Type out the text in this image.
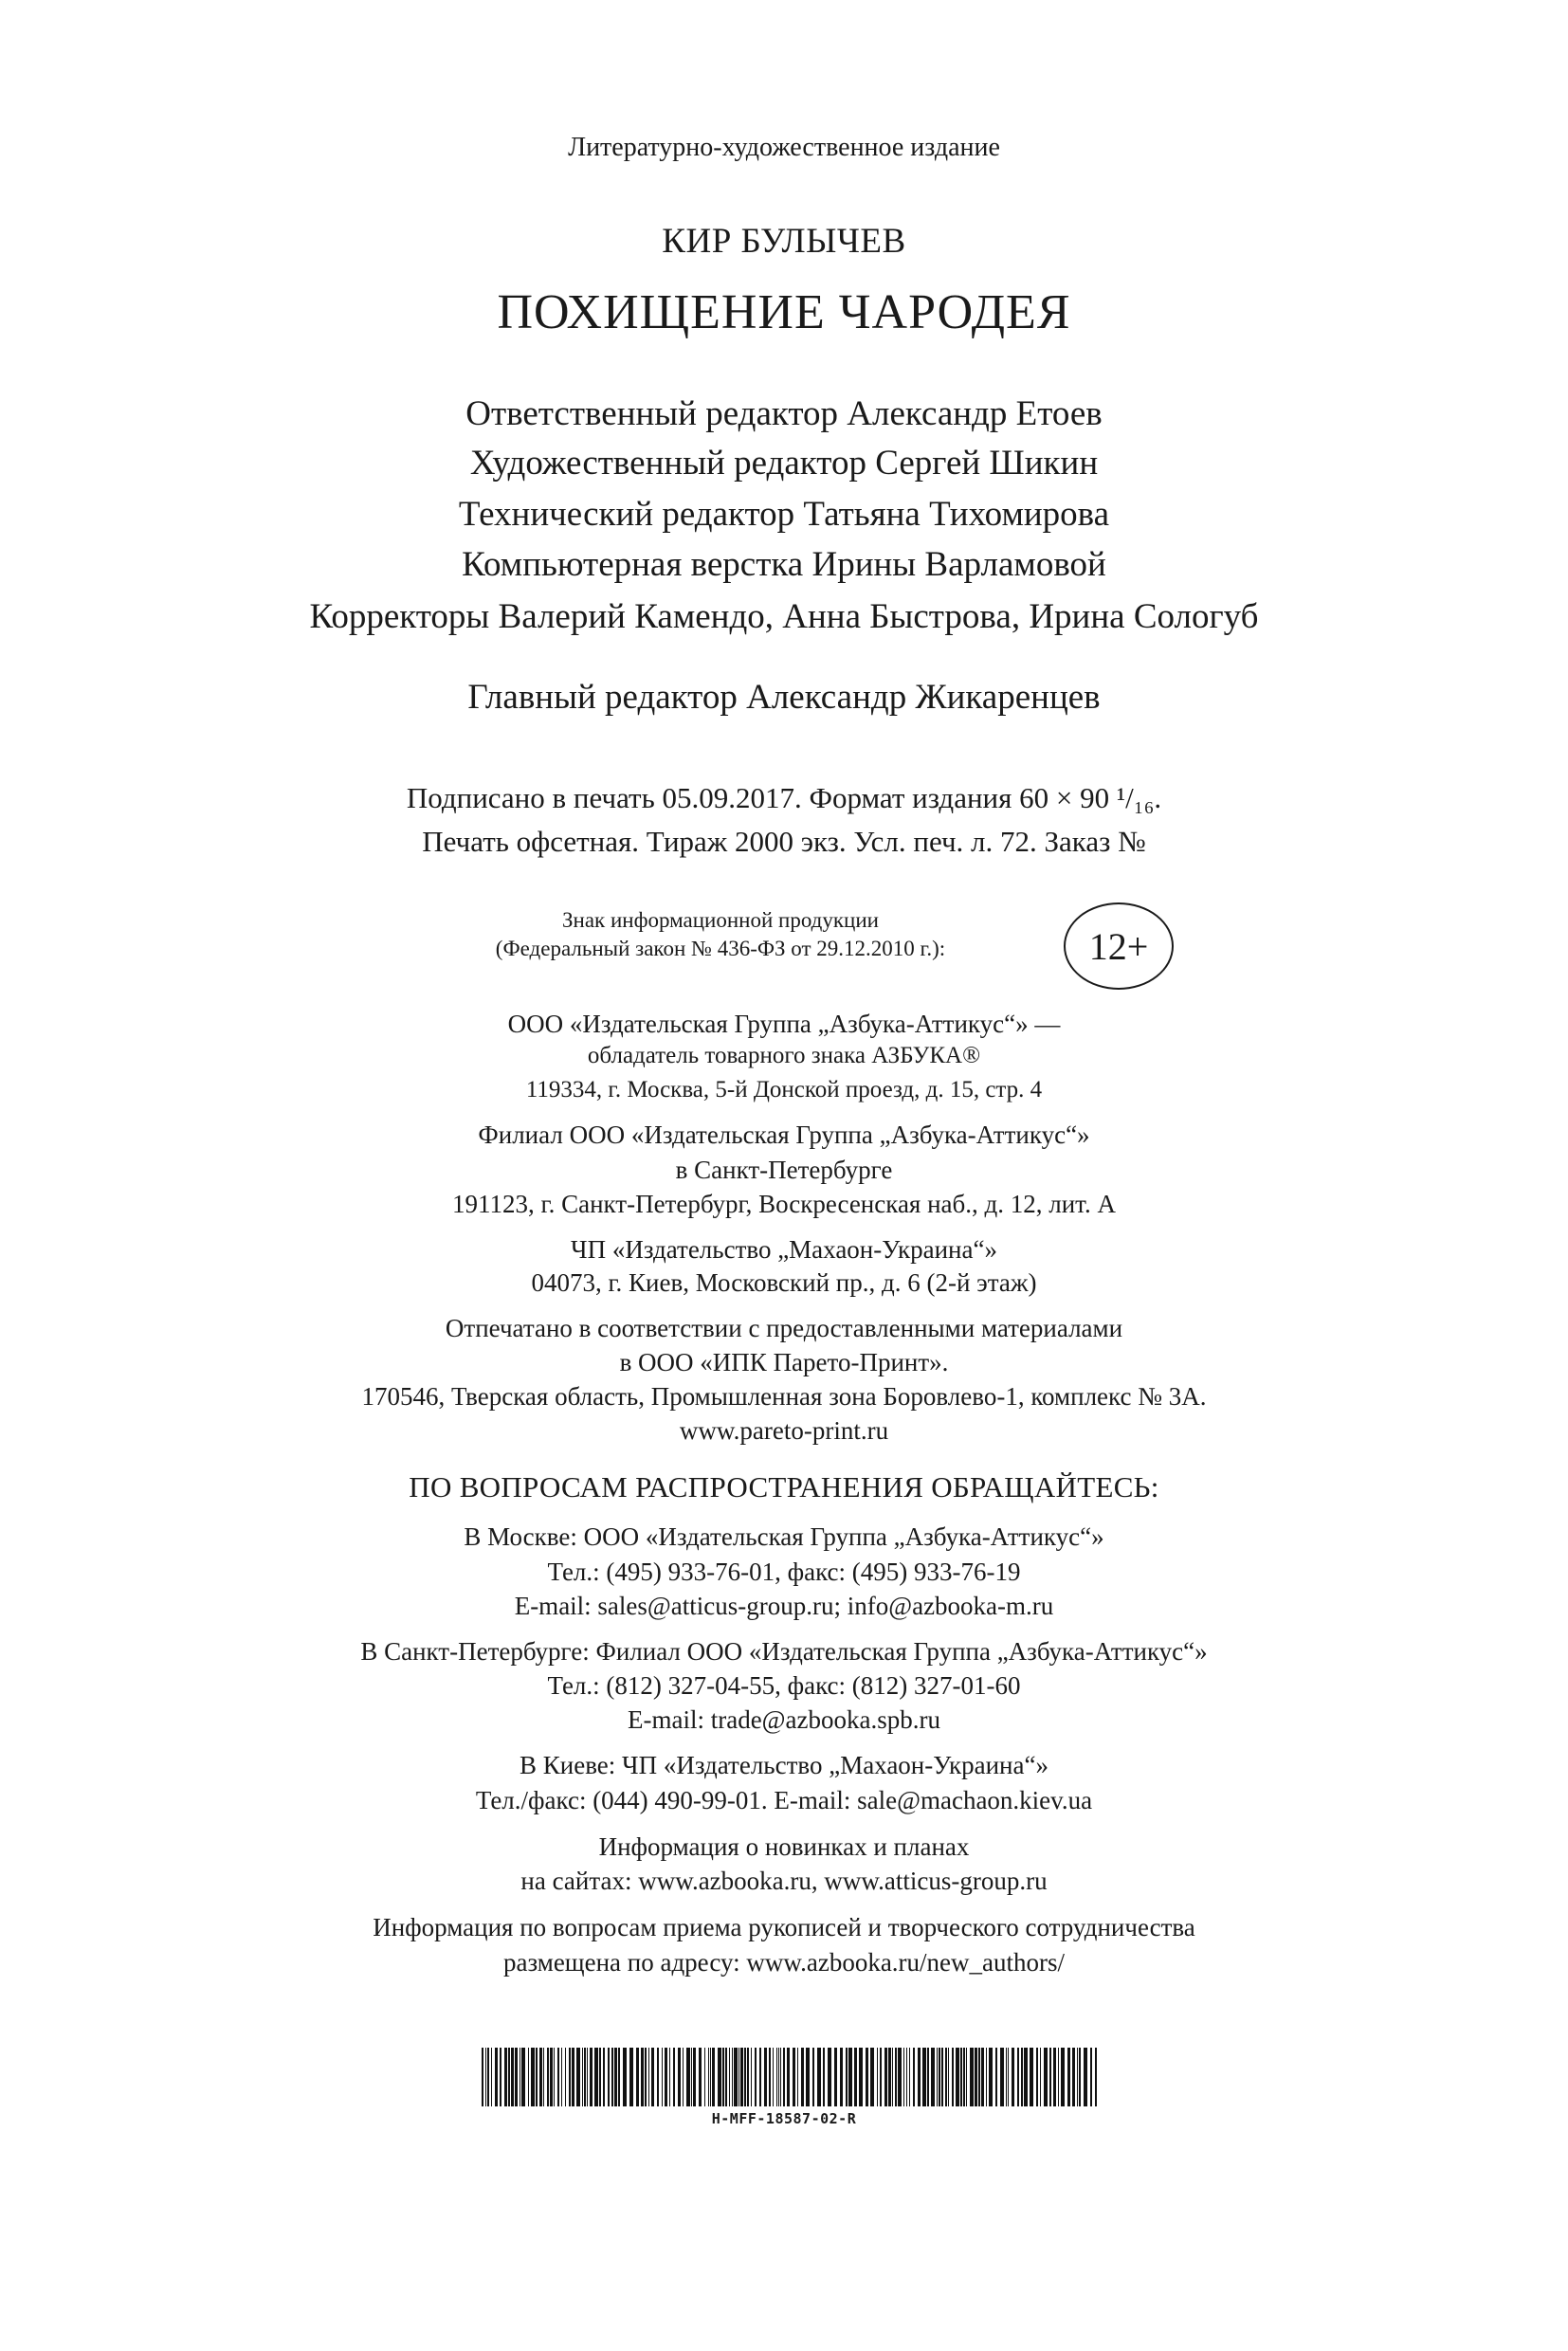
Литературно-художественное издание
КИР БУЛЫЧЕВ
ПОХИЩЕНИЕ ЧАРОДЕЯ
Ответственный редактор Александр Етоев
Художественный редактор Сергей Шикин
Технический редактор Татьяна Тихомирова
Компьютерная верстка Ирины Варламовой
Корректоры Валерий Камендо, Анна Быстрова, Ирина Сологуб
Главный редактор Александр Жикаренцев
Подписано в печать 05.09.2017. Формат издания 60 × 90 ¹/₁₆.
Печать офсетная. Тираж 2000 экз. Усл. печ. л. 72. Заказ №
Знак информационной продукции
(Федеральный закон № 436-ФЗ от 29.12.2010 г.):	12+
ООО «Издательская Группа „Азбука-Аттикус“» —
обладатель товарного знака АЗБУКА®
119334, г. Москва, 5-й Донской проезд, д. 15, стр. 4
Филиал ООО «Издательская Группа „Азбука-Аттикус“»
в Санкт-Петербурге
191123, г. Санкт-Петербург, Воскресенская наб., д. 12, лит. А
ЧП «Издательство „Махаон-Украина“»
04073, г. Киев, Московский пр., д. 6 (2-й этаж)
Отпечатано в соответствии с предоставленными материалами
в ООО «ИПК Парето-Принт».
170546, Тверская область, Промышленная зона Боровлево-1, комплекс № 3А.
www.pareto-print.ru
ПО ВОПРОСАМ РАСПРОСТРАНЕНИЯ ОБРАЩАЙТЕСЬ:
В Москве: ООО «Издательская Группа „Азбука-Аттикус“»
Тел.: (495) 933-76-01, факс: (495) 933-76-19
E-mail: sales@atticus-group.ru; info@azbooka-m.ru
В Санкт-Петербурге: Филиал ООО «Издательская Группа „Азбука-Аттикус“»
Тел.: (812) 327-04-55, факс: (812) 327-01-60
E-mail: trade@azbooka.spb.ru
В Киеве: ЧП «Издательство „Махаон-Украина“»
Тел./факс: (044) 490-99-01. E-mail: sale@machaon.kiev.ua
Информация о новинках и планах
на сайтах: www.azbooka.ru, www.atticus-group.ru
Информация по вопросам приема рукописей и творческого сотрудничества
размещена по адресу: www.azbooka.ru/new_authors/
H-MFF-18587-02-R
